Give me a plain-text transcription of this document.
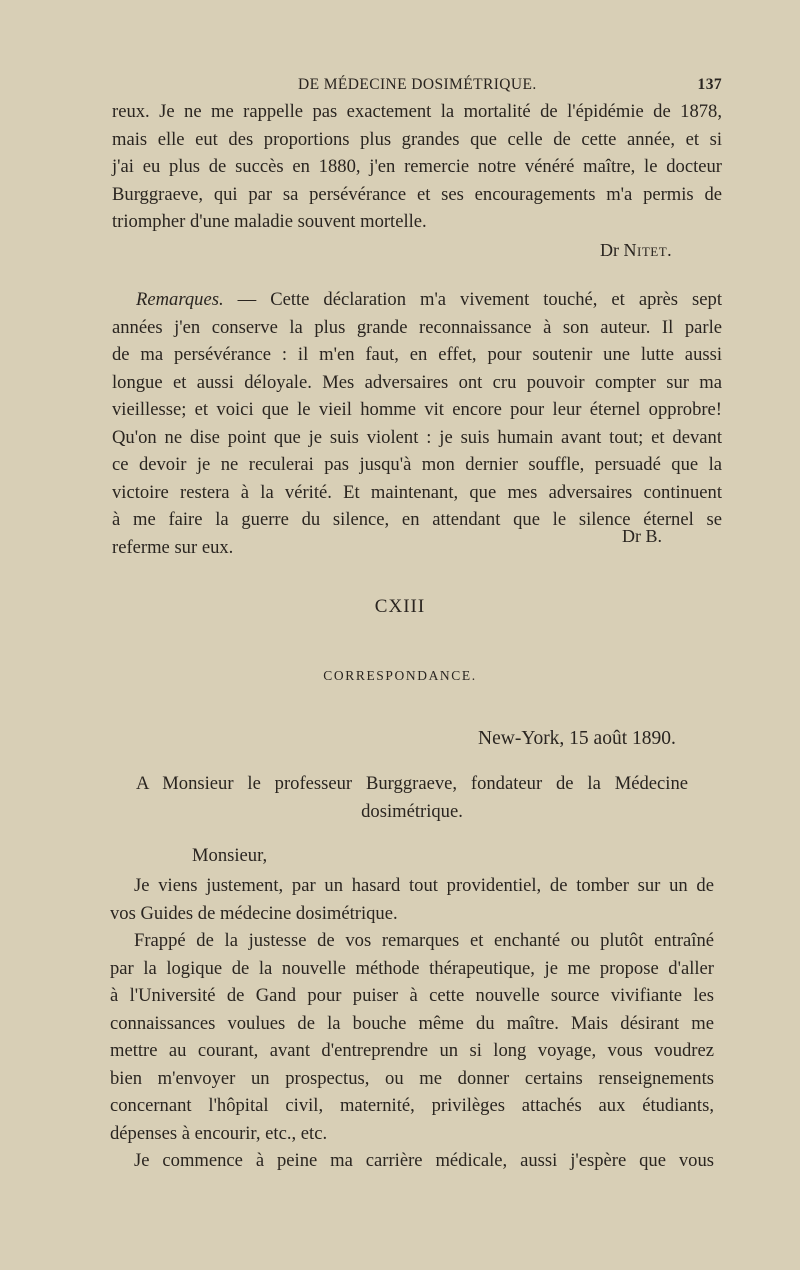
DE MÉDECINE DOSIMÉTRIQUE.	137
reux. Je ne me rappelle pas exactement la mortalité de l'épidémie de 1878,
mais elle eut des proportions plus grandes que celle de cette année, et si
j'ai eu plus de succès en 1880, j'en remercie notre vénéré maître, le docteur
Burggraeve, qui par sa persévérance et ses encouragements m'a permis de
triompher d'une maladie souvent mortelle.
Dr Nitet.
Remarques. — Cette déclaration m'a vivement touché, et après sept
années j'en conserve la plus grande reconnaissance à son auteur. Il parle
de ma persévérance : il m'en faut, en effet, pour soutenir une lutte aussi
longue et aussi déloyale. Mes adversaires ont cru pouvoir compter sur ma
vieillesse; et voici que le vieil homme vit encore pour leur éternel opprobre!
Qu'on ne dise point que je suis violent : je suis humain avant tout; et devant
ce devoir je ne reculerai pas jusqu'à mon dernier souffle, persuadé que la
victoire restera à la vérité. Et maintenant, que mes adversaires continuent
à me faire la guerre du silence, en attendant que le silence éternel se
referme sur eux.
Dr B.
CXIII
CORRESPONDANCE.
New-York, 15 août 1890.
A Monsieur le professeur Burggraeve, fondateur de la Médecine
dosimétrique.
Monsieur,
Je viens justement, par un hasard tout providentiel, de tomber sur un de
vos Guides de médecine dosimétrique.
Frappé de la justesse de vos remarques et enchanté ou plutôt entraîné
par la logique de la nouvelle méthode thérapeutique, je me propose d'aller
à l'Université de Gand pour puiser à cette nouvelle source vivifiante les
connaissances voulues de la bouche même du maître. Mais désirant me
mettre au courant, avant d'entreprendre un si long voyage, vous voudrez
bien m'envoyer un prospectus, ou me donner certains renseignements
concernant l'hôpital civil, maternité, privilèges attachés aux étudiants,
dépenses à encourir, etc., etc.
Je commence à peine ma carrière médicale, aussi j'espère que vous
